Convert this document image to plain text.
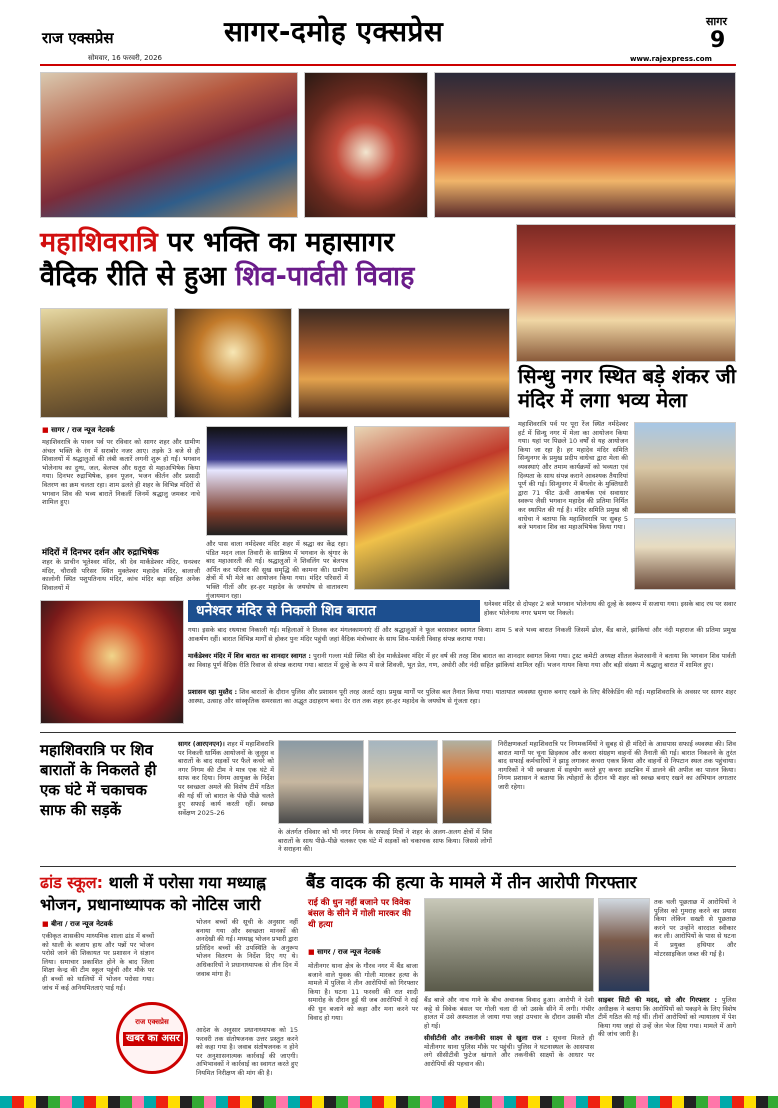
राज एक्सप्रेस
सोमवार, 16 फरवरी, 2026
सागर-दमोह एक्सप्रेस	सागर
9
www.rajexpress.com
महाशिवरात्रि पर भक्ति का महासागर
वैदिक रीति से हुआ शिव-पार्वती विवाह
सिन्धु नगर स्थित बड़े शंकर जी मंदिर में लगा भव्य मेला
■ सागर / राज न्यूज नेटवर्क
महाशिवरात्रि के पावन पर्व पर रविवार को सागर शहर और ग्रामीण अंचल भक्ति के रंग में सराबोर नजर आए। तड़के 3 बजे से ही शिवालयों में श्रद्धालुओं की लंबी कतारें लगनी शुरू हो गईं। भगवान भोलेनाथ का दुग्ध, जल, बेलपत्र और धतूरा से महाअभिषेक किया गया। दिनभर रुद्राभिषेक, हवन पूजन, भजन कीर्तन और प्रसादी वितरण का क्रम चलता रहा। शाम ढलते ही शहर के विभिन्न मंदिरों से भगवान शिव की भव्य बारातें निकलीं जिनमें श्रद्धालु जमकर नाचे शामिल हुए।
मंदिरों में दिनभर दर्शन और रुद्राभिषेक
शहर के प्राचीन भूतेश्वर मंदिर, श्री देव मार्कंडेश्वर मंदिर, धनश्वर मंदिर, चौरासी परिसर स्थित मुक्तेश्वर महादेव मंदिर, बालाजी कालोनी स्थित पशुपतिनाथ मंदिर, कांच मंदिर बड़ा सहित अनेक शिवालयों में
और पास वाला नर्मदेश्वर मंदिर शहर में श्रद्धा का केंद्र रहा। पंडित मदन लाल तिवारी के सान्निध्य में भगवान के श्रृंगार के बाद महाआरती की गई। श्रद्धालुओं ने शिवलिंग पर बेलपत्र अर्पित कर परिवार की सुख समृद्धि की कामना की। ग्रामीण क्षेत्रों में भी मेले का आयोजन किया गया। मंदिर परिसरों में भक्ति गीतों और हर-हर महादेव के जयघोष से वातावरण गुंजायमान रहा।
महाशिवरात्रि पर्व पर पूरा रेंज स्थित नर्मदेश्वर हर्ट में सिन्धु नगर में मेला का आयोजन किया गया। यहां पर पिछले 10 वर्षों से यह आयोजन किया जा रहा है। हर महादेव मंदिर समिति सिन्धुनगर के प्रमुख प्रदीप वाधेचा द्वारा मेला की व्यवस्थाएं और तमाम कार्यक्रमों को भव्यता एवं दिव्यता के साथ संपन्न कराने आवश्यक तैयारियां पूर्ण की गई। सिन्धुनगर में बैंगलोर के मुक्तिधारी द्वारा 71 फीट ऊंची आकर्षक एवं सवाधार स्वरूप जैसी भगवान महादेव की प्रतिमा निर्मित कर स्थापित की गई है। मंदिर समिति प्रमुख श्री वाधेचा ने बताया कि महाशिवरात्रि पर सुबह 5 बजे भगवान शिव का महाअभिषेक किया गया।
धनेश्वर मंदिर से निकली शिव बारात	धनेश्वर मंदिर से दोपहर 2 बजे भगवान भोलेनाथ की दूल्हे के स्वरूप में सजाया गया। इसके बाद रथ पर सवार होकर भोलेनाथ नगर भ्रमण पर निकले।
गया। इसके बाद रथयात्रा निकाली गई। महिलाओं ने तिलक कर मंगलकामनाएं दीं और श्रद्धालुओं ने फूल बरसाकर स्वागत किया। शाम 5 बजे भव्य बारात निकली जिसमें ढोल, बैंड बाजे, झांकियां और नंदी महाराज की प्रतिमा प्रमुख आकर्षण रहीं। बारात विभिन्न मार्गों से होकर पुनः मंदिर पहुंची जहां वैदिक मंत्रोच्चार के साथ शिव-पार्वती विवाह संपन्न कराया गया।
मार्कंडेश्वर मंदिर में शिव बारात का शानदार स्वागत : पुरानी गल्ला मंडी स्थित श्री देव मार्कंडेश्वर मंदिर में हर वर्ष की तरह शिव बारात का शानदार स्वागत किया गया। ट्रस्ट कमेटी अध्यक्ष शीतल केशरवानी ने बताया कि भगवान शिव पार्वती का विवाह पूर्ण वैदिक रीति रिवाज से संपन्न कराया गया। बारात में दूल्हे के रूप में सजे शिवजी, भूत प्रेत, गण, अघोरी और नंदी सहित झांकियां शामिल रहीं। भजन गायन किया गया और बड़ी संख्या में श्रद्धालु बारात में शामिल हुए।
प्रशासन रहा मुस्तैद : शिव बारातों के दौरान पुलिस और प्रशासन पूरी तरह अलर्ट रहा। प्रमुख मार्गों पर पुलिस बल तैनात किया गया। यातायात व्यवस्था सुचारु बनाए रखने के लिए बैरिकेडिंग की गई। महाशिवरात्रि के अवसर पर सागर शहर आस्था, उत्साह और सांस्कृतिक समरसता का अद्भुत उदाहरण बना। देर रात तक शहर हर-हर महादेव के जयघोष से गूंजता रहा।
महाशिवरात्रि पर शिव बारातों के निकलते ही एक घंटे में चकाचक साफ की सड़कें
सागर (आरएनएन)। शहर में महाशिवरात्रि पर निकली धार्मिक आयोजनों के जुलूस व बारातों के बाद सड़कों पर फैले कचरे को नगर निगम की टीम ने मात्र एक घंटे में साफ कर दिया। निगम आयुक्त के निर्देश पर स्वच्छता अमले की विशेष टीमें गठित की गई थीं जो बारात के पीछे पीछे चलते हुए सफाई कार्य करती रहीं। स्वच्छ सर्वेक्षण 2025-26
के अंतर्गत रविवार को भी नगर निगम के सफाई मित्रों ने शहर के अलग-अलग क्षेत्रों में शिव बारातों के साथ पीछे-पीछे चलकर एक घंटे में सड़कों को चकाचक साफ किया। जिससे लोगों ने सराहना की।
निरीक्षणकर्ता महाशिवरात्रि पर निगमकर्मियों ने सुबह से ही मंदिरों के आसपास सफाई व्यवस्था की। शिव बारात मार्गों पर चूना छिड़काव और कचरा संग्रहण वाहनों की तैनाती की गई। बारात निकलने के तुरंत बाद सफाई कर्मचारियों ने झाड़ू लगाकर कचरा एकत्र किया और वाहनों से निपटान स्थल तक पहुंचाया। नागरिकों ने भी स्वच्छता में सहयोग करते हुए कचरा डस्टबिन में डालने की अपील का पालन किया। निगम प्रशासन ने बताया कि त्योहारों के दौरान भी शहर को स्वच्छ बनाए रखने का अभियान लगातार जारी रहेगा।
ढांड स्कूल: थाली में परोसा गया मध्याह्न भोजन, प्रधानाध्यापक को नोटिस जारी
■ बीना / राज न्यूज नेटवर्क
एकीकृत शासकीय माध्यमिक शाला ढांड में बच्चों को थाली के बजाय हाथ और पन्नों पर भोजन परोसे जाने की शिकायत पर प्रशासन ने संज्ञान लिया। समाचार प्रकाशित होने के बाद जिला शिक्षा केन्द्र की टीम स्कूल पहुंची और मौके पर ही बच्चों को थालियों में भोजन परोसा गया। जांच में कई अनियमितताएं पाई गईं।
भोजन बच्चों की सूची के अनुसार नहीं बनाया गया और स्वच्छता मानकों की अनदेखी की गई। मध्याह्न भोजन प्रभारी द्वारा प्रतिदिन बच्चों की उपस्थिति के अनुरूप भोजन वितरण के निर्देश दिए गए थे। अधिकारियों ने प्रधानाध्यापक से तीन दिन में जवाब मांगा है।
राज एक्सप्रेस
खबर का असर
आदेश के अनुसार प्रधानाध्यापक को 15 फरवरी तक संतोषजनक उत्तर प्रस्तुत करने को कहा गया है। जवाब संतोषजनक न होने पर अनुशासनात्मक कार्रवाई की जाएगी। अभिभावकों ने कार्रवाई का स्वागत करते हुए नियमित निरीक्षण की मांग की है।
बैंड वादक की हत्या के मामले में तीन आरोपी गिरफ्तार
राई की धुन नहीं बजाने पर विवेक बंसल के सीने में गोली मारकर की थी हत्या
■ सागर / राज न्यूज नेटवर्क
मोतीनगर थाना क्षेत्र के गौरव नगर में बैंड बाजा बजाने वाले युवक की गोली मारकर हत्या के मामले में पुलिस ने तीन आरोपियों को गिरफ्तार किया है। घटना 11 फरवरी की रात शादी समारोह के दौरान हुई थी जब आरोपियों ने राई की धुन बजाने को कहा और मना करने पर विवाद हो गया।
बैंड बाजे और नाच गाने के बीच अचानक विवाद हुआ। आरोपी ने देशी कट्टे से विवेक बंसल पर गोली चला दी जो उसके सीने में लगी। गंभीर हालत में उसे अस्पताल ले जाया गया जहां उपचार के दौरान उसकी मौत हो गई।
सीसीटीवी और तकनीकी साक्ष्य से खुला राज : सूचना मिलते ही मोतीनगर थाना पुलिस मौके पर पहुंची। पुलिस ने घटनास्थल के आसपास लगे सीसीटीवी फुटेज खंगाले और तकनीकी साक्ष्यों के आधार पर आरोपियों की पहचान की।
तक चली पूछताछ में आरोपियों ने पुलिस को गुमराह करने का प्रयास किया लेकिन सख्ती से पूछताछ करने पर उन्होंने वारदात स्वीकार कर ली। आरोपियों के पास से घटना में प्रयुक्त हथियार और मोटरसाइकिल जब्त की गई है।
साइबर सिटी की मदद, सो और गिरफ्तार : पुलिस अधीक्षक ने बताया कि आरोपियों को पकड़ने के लिए विशेष टीमें गठित की गई थीं। तीनों आरोपियों को न्यायालय में पेश किया गया जहां से उन्हें जेल भेज दिया गया। मामले में आगे की जांच जारी है।
